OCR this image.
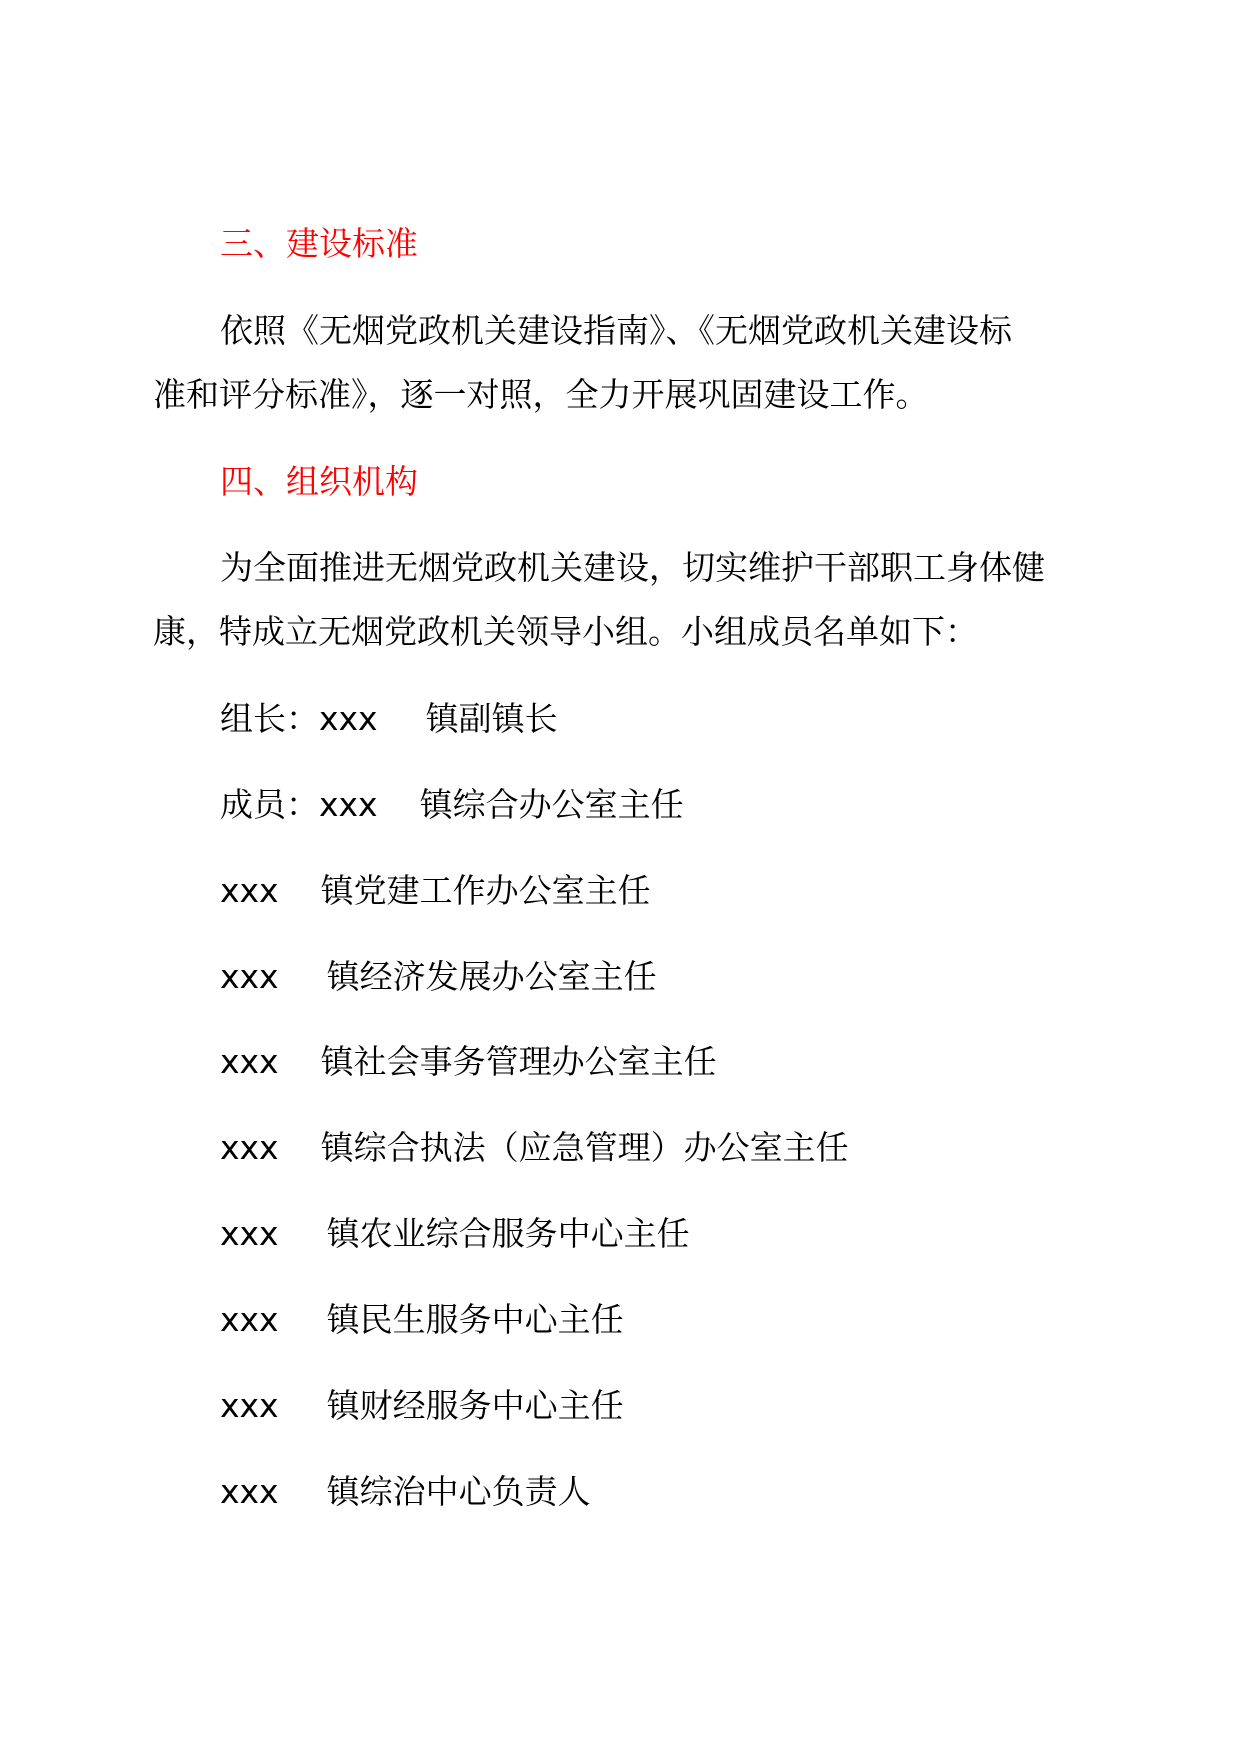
三、建设标准
依照《无烟党政机关建设指南》、《无烟党政机关建设标
准和评分标准》，逐一对照，全力开展巩固建设工作。
四、组织机构
为全面推进无烟党政机关建设，切实维护干部职工身体健
康，特成立无烟党政机关领导小组。小组成员名单如下：
组长：xxx 镇副镇长
成员：xxx 镇综合办公室主任
xxx 镇党建工作办公室主任
xxx 镇经济发展办公室主任
xxx 镇社会事务管理办公室主任
xxx 镇综合执法（应急管理）办公室主任
xxx 镇农业综合服务中心主任
xxx 镇民生服务中心主任
xxx 镇财经服务中心主任
xxx 镇综治中心负责人
